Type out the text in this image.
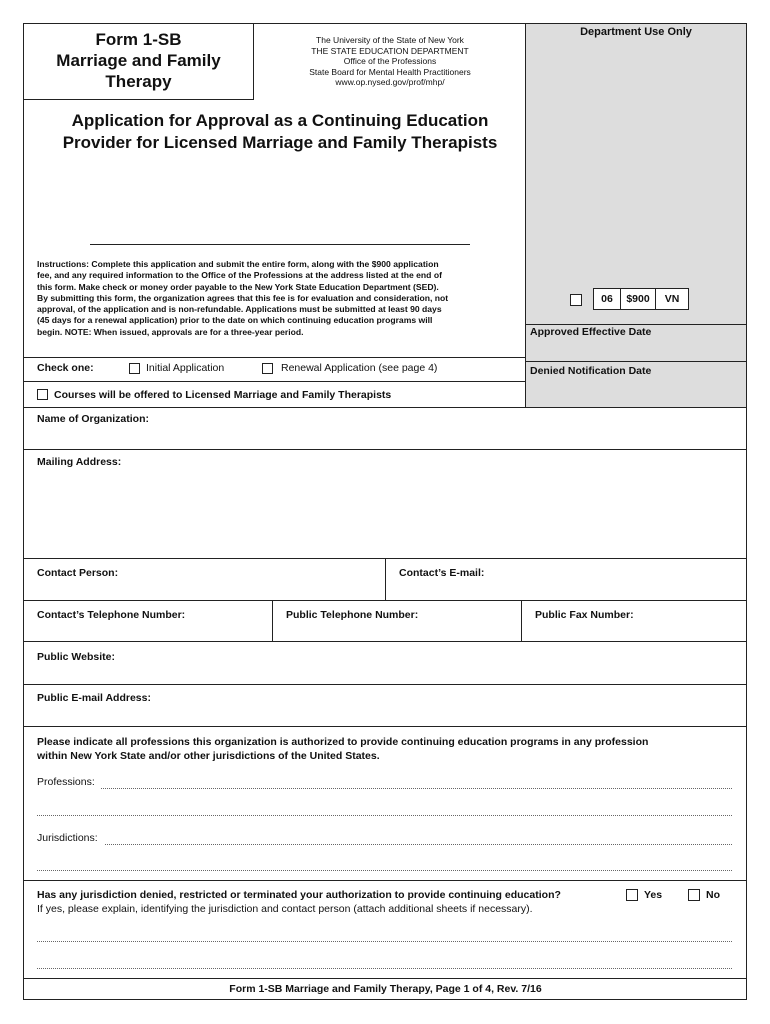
Form 1-SB
Marriage and Family
Therapy
The University of the State of New York
THE STATE EDUCATION DEPARTMENT
Office of the Professions
State Board for Mental Health Practitioners
www.op.nysed.gov/prof/mhp/
Department Use Only
06	$900	VN
Approved Effective Date
Denied Notification Date
Application for Approval as a Continuing Education
Provider for Licensed Marriage and Family Therapists
Instructions: Complete this application and submit the entire form, along with the $900 application
fee, and any required information to the Office of the Professions at the address listed at the end of
this form. Make check or money order payable to the New York State Education Department (SED).
By submitting this form, the organization agrees that this fee is for evaluation and consideration, not
approval, of the application and is non-refundable. Applications must be submitted at least 90 days
(45 days for a renewal application) prior to the date on which continuing education programs will
begin. NOTE: When issued, approvals are for a three-year period.
Check one:	Initial Application	Renewal Application (see page 4)
Courses will be offered to Licensed Marriage and Family Therapists
Name of Organization:
Mailing Address:
Contact Person:	Contact’s E-mail:
Contact’s Telephone Number:	Public Telephone Number:	Public Fax Number:
Public Website:
Public E-mail Address:
Please indicate all professions this organization is authorized to provide continuing education programs in any profession
within New York State and/or other jurisdictions of the United States.
Professions:
Jurisdictions:
Has any jurisdiction denied, restricted or terminated your authorization to provide continuing education?	Yes	No
If yes, please explain, identifying the jurisdiction and contact person (attach additional sheets if necessary).
Form 1-SB Marriage and Family Therapy, Page 1 of 4, Rev. 7/16
